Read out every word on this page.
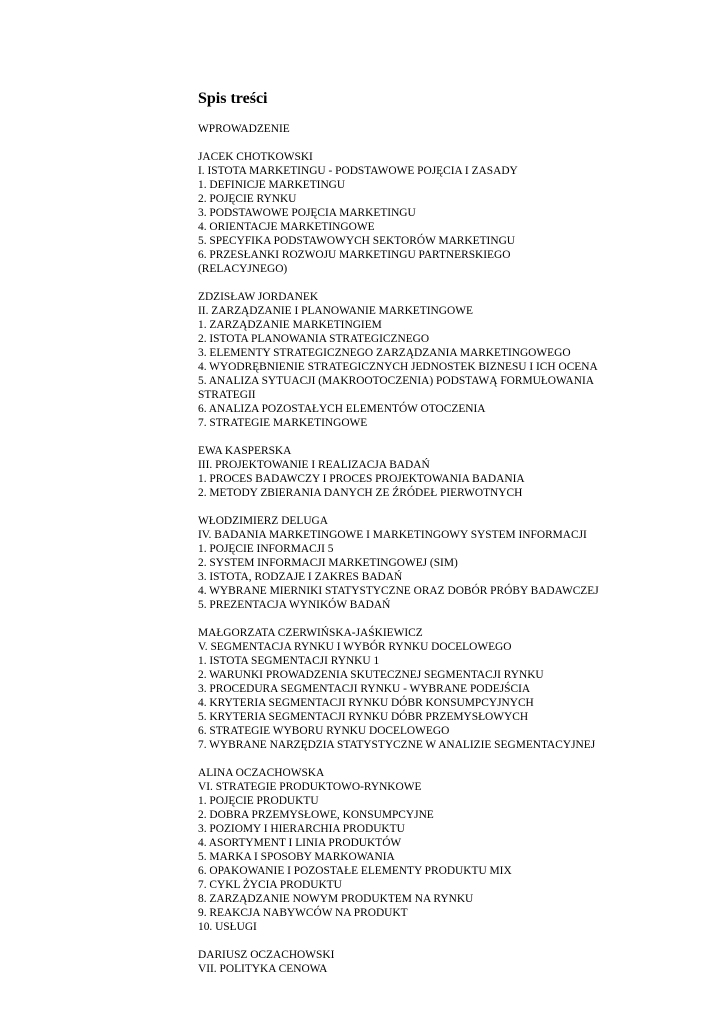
Spis treści
WPROWADZENIE
JACEK CHOTKOWSKI
I. ISTOTA MARKETINGU - PODSTAWOWE POJĘCIA I ZASADY
1. DEFINICJE MARKETINGU
2. POJĘCIE RYNKU
3. PODSTAWOWE POJĘCIA MARKETINGU
4. ORIENTACJE MARKETINGOWE
5. SPECYFIKA PODSTAWOWYCH SEKTORÓW MARKETINGU
6. PRZESŁANKI ROZWOJU MARKETINGU PARTNERSKIEGO
(RELACYJNEGO)
ZDZISŁAW JORDANEK
II. ZARZĄDZANIE I PLANOWANIE MARKETINGOWE
1. ZARZĄDZANIE MARKETINGIEM
2. ISTOTA PLANOWANIA STRATEGICZNEGO
3. ELEMENTY STRATEGICZNEGO ZARZĄDZANIA MARKETINGOWEGO
4. WYODRĘBNIENIE STRATEGICZNYCH JEDNOSTEK BIZNESU I ICH OCENA
5. ANALIZA SYTUACJI (MAKROOTOCZENIA) PODSTAWĄ FORMUŁOWANIA
STRATEGII
6. ANALIZA POZOSTAŁYCH ELEMENTÓW OTOCZENIA
7. STRATEGIE MARKETINGOWE
EWA KASPERSKA
III. PROJEKTOWANIE I REALIZACJA BADAŃ
1. PROCES BADAWCZY I PROCES PROJEKTOWANIA BADANIA
2. METODY ZBIERANIA DANYCH ZE ŹRÓDEŁ PIERWOTNYCH
WŁODZIMIERZ DELUGA
IV. BADANIA MARKETINGOWE I MARKETINGOWY SYSTEM INFORMACJI
1. POJĘCIE INFORMACJI 5
2. SYSTEM INFORMACJI MARKETINGOWEJ (SIM)
3. ISTOTA, RODZAJE I ZAKRES BADAŃ
4. WYBRANE MIERNIKI STATYSTYCZNE ORAZ DOBÓR PRÓBY BADAWCZEJ
5. PREZENTACJA WYNIKÓW BADAŃ
MAŁGORZATA CZERWIŃSKA-JAŚKIEWICZ
V. SEGMENTACJA RYNKU I WYBÓR RYNKU DOCELOWEGO
1. ISTOTA SEGMENTACJI RYNKU 1
2. WARUNKI PROWADZENIA SKUTECZNEJ SEGMENTACJI RYNKU
3. PROCEDURA SEGMENTACJI RYNKU - WYBRANE PODEJŚCIA
4. KRYTERIA SEGMENTACJI RYNKU DÓBR KONSUMPCYJNYCH
5. KRYTERIA SEGMENTACJI RYNKU DÓBR PRZEMYSŁOWYCH
6. STRATEGIE WYBORU RYNKU DOCELOWEGO
7. WYBRANE NARZĘDZIA STATYSTYCZNE W ANALIZIE SEGMENTACYJNEJ
ALINA OCZACHOWSKA
VI. STRATEGIE PRODUKTOWO-RYNKOWE
1. POJĘCIE PRODUKTU
2. DOBRA PRZEMYSŁOWE, KONSUMPCYJNE
3. POZIOMY I HIERARCHIA PRODUKTU
4. ASORTYMENT I LINIA PRODUKTÓW
5. MARKA I SPOSOBY MARKOWANIA
6. OPAKOWANIE I POZOSTAŁE ELEMENTY PRODUKTU MIX
7. CYKL ŻYCIA PRODUKTU
8. ZARZĄDZANIE NOWYM PRODUKTEM NA RYNKU
9. REAKCJA NABYWCÓW NA PRODUKT
10. USŁUGI
DARIUSZ OCZACHOWSKI
VII. POLITYKA CENOWA
